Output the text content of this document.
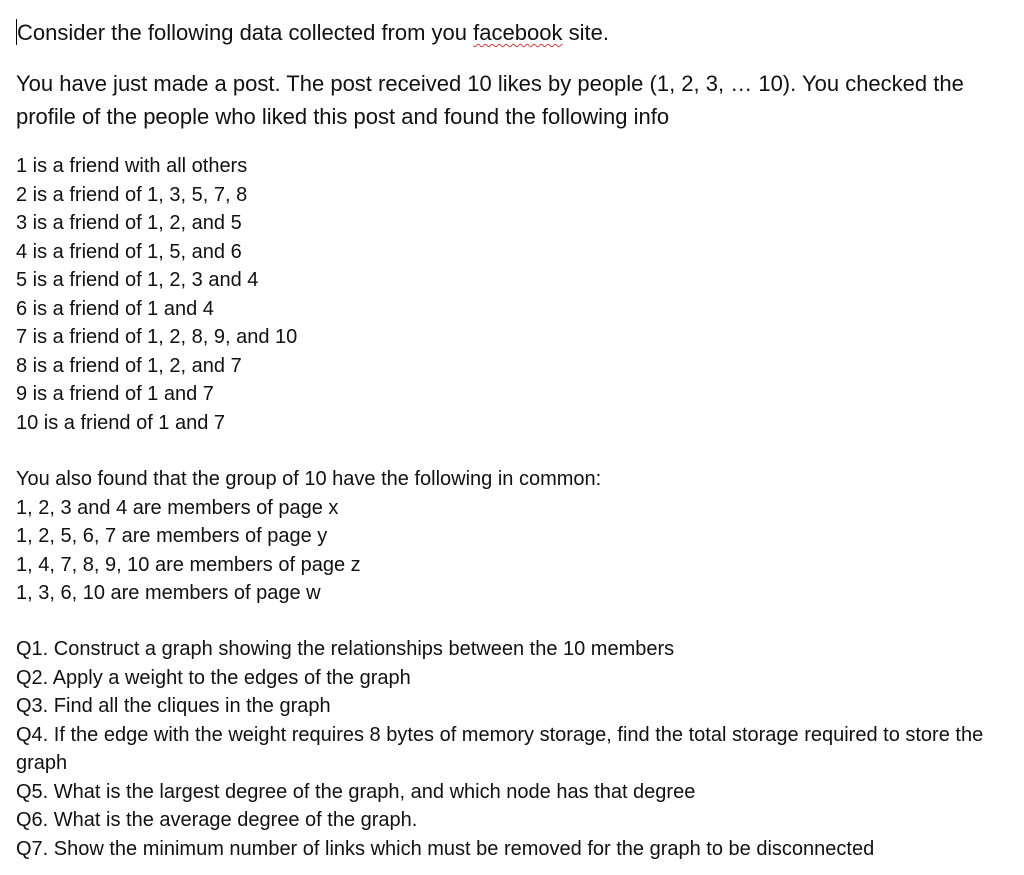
Consider the following data collected from you facebook site.
You have just made a post. The post received 10 likes by people (1, 2, 3, … 10). You checked the profile of the people who liked this post and found the following info
1 is a friend with all others
2 is a friend of 1, 3, 5, 7, 8
3 is a friend of 1, 2, and 5
4 is a friend of 1, 5, and 6
5 is a friend of 1, 2, 3 and 4
6 is a friend of 1 and 4
7 is a friend of 1, 2, 8, 9, and 10
8 is a friend of 1, 2, and 7
9 is a friend of 1 and 7
10 is a friend of 1 and 7
You also found that the group of 10 have the following in common:
1, 2, 3 and 4 are members of page x
1, 2, 5, 6, 7 are members of page y
1, 4, 7, 8, 9, 10 are members of page z
1, 3, 6, 10 are members of page w
Q1. Construct a graph showing the relationships between the 10 members
Q2. Apply a weight to the edges of the graph
Q3. Find all the cliques in the graph
Q4. If the edge with the weight requires 8 bytes of memory storage, find the total storage required to store the graph
Q5. What is the largest degree of the graph, and which node has that degree
Q6. What is the average degree of the graph.
Q7. Show the minimum number of links which must be removed for the graph to be disconnected
